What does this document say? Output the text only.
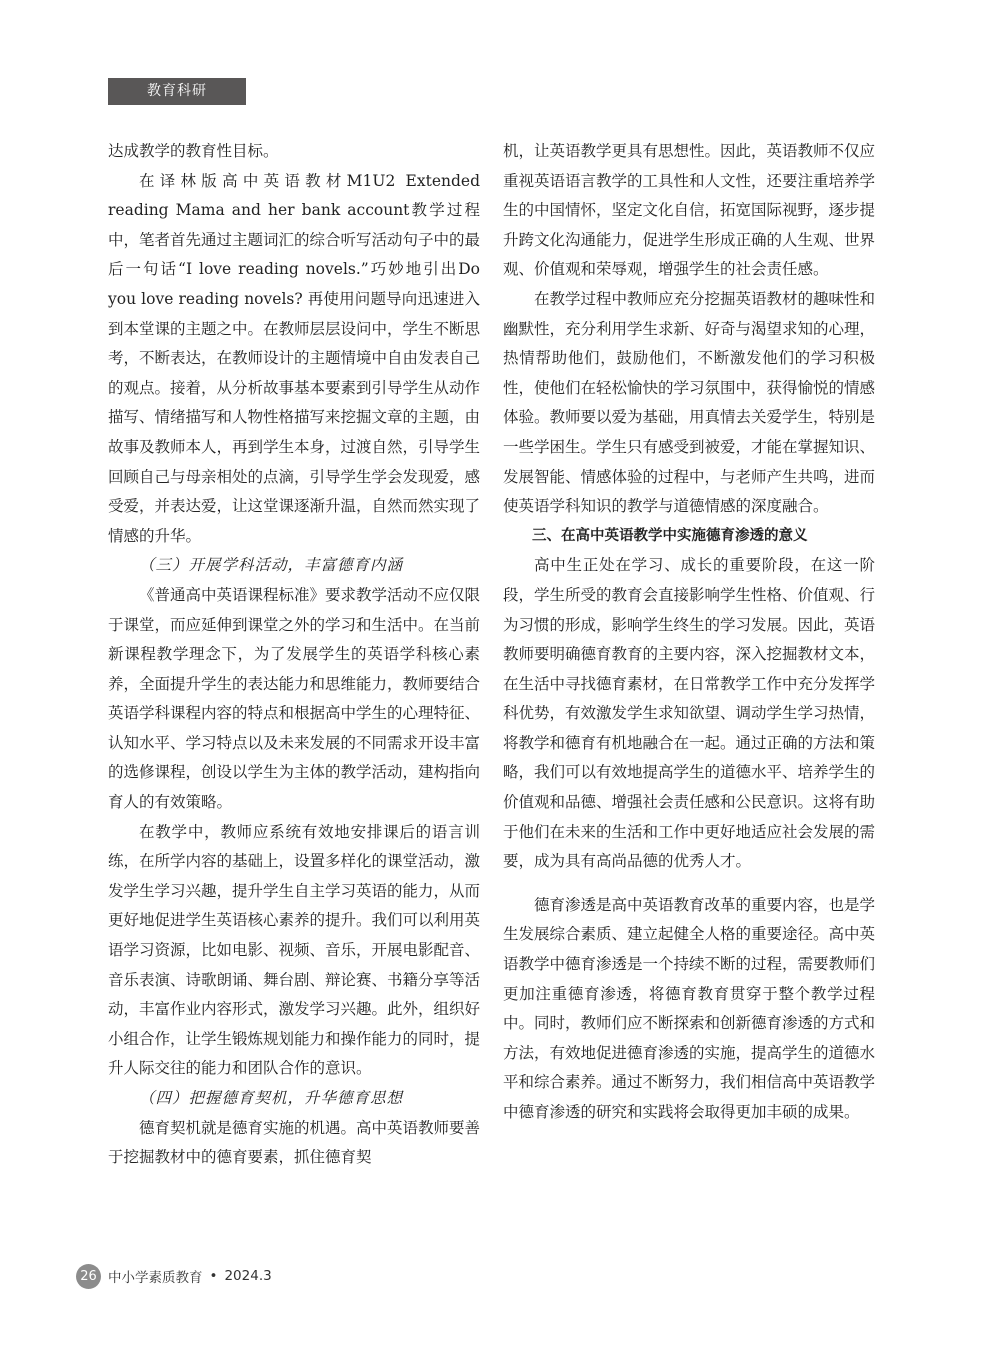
教育科研

达成教学的教育性目标。

在译林版高中英语教材M1U2 Extended reading Mama and her bank account教学过程中，笔者首先通过主题词汇的综合听写活动句子中的最后一句话“I love reading novels.”巧妙地引出Do you love reading novels? 再使用问题导向迅速进入到本堂课的主题之中。在教师层层设问中，学生不断思考，不断表达，在教师设计的主题情境中自由发表自己的观点。接着，从分析故事基本要素到引导学生从动作描写、情绪描写和人物性格描写来挖掘文章的主题，由故事及教师本人，再到学生本身，过渡自然，引导学生回顾自己与母亲相处的点滴，引导学生学会发现爱，感受爱，并表达爱，让这堂课逐渐升温，自然而然实现了情感的升华。

（三）开展学科活动，丰富德育内涵

《普通高中英语课程标准》要求教学活动不应仅限于课堂，而应延伸到课堂之外的学习和生活中。在当前新课程教学理念下，为了发展学生的英语学科核心素养，全面提升学生的表达能力和思维能力，教师要结合英语学科课程内容的特点和根据高中学生的心理特征、认知水平、学习特点以及未来发展的不同需求开设丰富的选修课程，创设以学生为主体的教学活动，建构指向育人的有效策略。

在教学中，教师应系统有效地安排课后的语言训练，在所学内容的基础上，设置多样化的课堂活动，激发学生学习兴趣，提升学生自主学习英语的能力，从而更好地促进学生英语核心素养的提升。我们可以利用英语学习资源，比如电影、视频、音乐，开展电影配音、音乐表演、诗歌朗诵、舞台剧、辩论赛、书籍分享等活动，丰富作业内容形式，激发学习兴趣。此外，组织好小组合作，让学生锻炼规划能力和操作能力的同时，提升人际交往的能力和团队合作的意识。

（四）把握德育契机，升华德育思想

德育契机就是德育实施的机遇。高中英语教师要善于挖掘教材中的德育要素，抓住德育契

机，让英语教学更具有思想性。因此，英语教师不仅应重视英语语言教学的工具性和人文性，还要注重培养学生的中国情怀，坚定文化自信，拓宽国际视野，逐步提升跨文化沟通能力，促进学生形成正确的人生观、世界观、价值观和荣辱观，增强学生的社会责任感。

在教学过程中教师应充分挖掘英语教材的趣味性和幽默性，充分利用学生求新、好奇与渴望求知的心理，热情帮助他们，鼓励他们，不断激发他们的学习积极性，使他们在轻松愉快的学习氛围中，获得愉悦的情感体验。教师要以爱为基础，用真情去关爱学生，特别是一些学困生。学生只有感受到被爱，才能在掌握知识、发展智能、情感体验的过程中，与老师产生共鸣，进而使英语学科知识的教学与道德情感的深度融合。

三、在高中英语教学中实施德育渗透的意义

高中生正处在学习、成长的重要阶段，在这一阶段，学生所受的教育会直接影响学生性格、价值观、行为习惯的形成，影响学生终生的学习发展。因此，英语教师要明确德育教育的主要内容，深入挖掘教材文本，在生活中寻找德育素材，在日常教学工作中充分发挥学科优势，有效激发学生求知欲望、调动学生学习热情，将教学和德育有机地融合在一起。通过正确的方法和策略，我们可以有效地提高学生的道德水平、培养学生的价值观和品德、增强社会责任感和公民意识。这将有助于他们在未来的生活和工作中更好地适应社会发展的需要，成为具有高尚品德的优秀人才。

德育渗透是高中英语教育改革的重要内容，也是学生发展综合素质、建立起健全人格的重要途径。高中英语教学中德育渗透是一个持续不断的过程，需要教师们更加注重德育渗透，将德育教育贯穿于整个教学过程中。同时，教师们应不断探索和创新德育渗透的方式和方法，有效地促进德育渗透的实施，提高学生的道德水平和综合素养。通过不断努力，我们相信高中英语教学中德育渗透的研究和实践将会取得更加丰硕的成果。

26 中小学素质教育 • 2024.3
